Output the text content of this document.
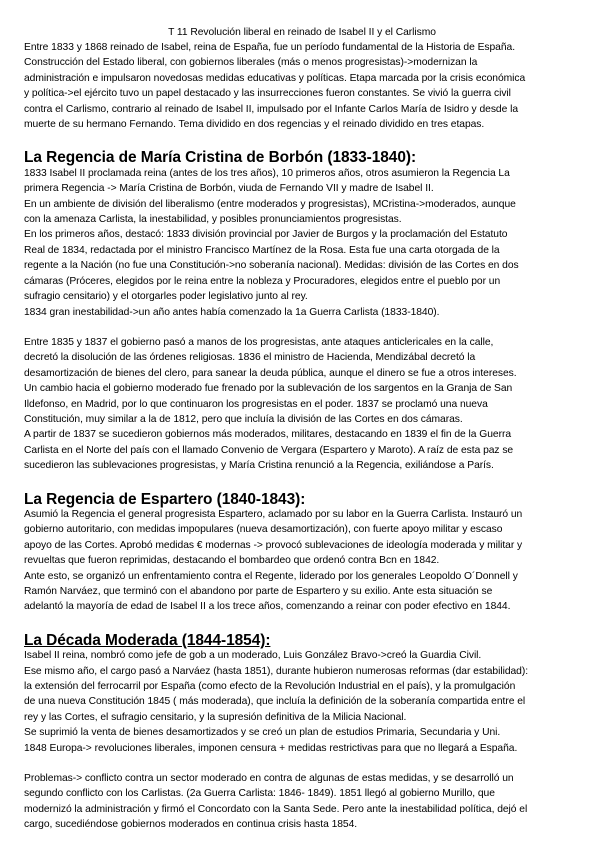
T 11 Revolución liberal en reinado de Isabel II y el Carlismo

Entre 1833 y 1868 reinado de Isabel, reina de España, fue un período fundamental de la Historia de España.
Construcción del Estado liberal, con gobiernos liberales (más o menos progresistas)->modernizan la
administración e impulsaron novedosas medidas educativas y políticas. Etapa marcada por la crisis económica
y política->el ejército tuvo un papel destacado y las insurrecciones fueron constantes. Se vivió la guerra civil
contra el Carlismo, contrario al reinado de Isabel II, impulsado por el Infante Carlos María de Isidro y desde la
muerte de su hermano Fernando. Tema dividido en dos regencias y el reinado dividido en tres etapas.

La Regencia de María Cristina de Borbón (1833-1840):

1833 Isabel II proclamada reina (antes de los tres años), 10 primeros años, otros asumieron la Regencia La
primera Regencia -> María Cristina de Borbón, viuda de Fernando VII y madre de Isabel II.
En un ambiente de división del liberalismo (entre moderados y progresistas), MCristina->moderados, aunque
con la amenaza Carlista, la inestabilidad, y posibles pronunciamientos progresistas.
En los primeros años, destacó: 1833 división provincial por Javier de Burgos y la proclamación del Estatuto
Real de 1834, redactada por el ministro Francisco Martínez de la Rosa. Esta fue una carta otorgada de la
regente a la Nación (no fue una Constitución->no soberanía nacional). Medidas: división de las Cortes en dos
cámaras (Próceres, elegidos por le reina entre la nobleza y Procuradores, elegidos entre el pueblo por un
sufragio censitario) y el otorgarles poder legislativo junto al rey.
1834 gran inestabilidad->un año antes había comenzado la 1a Guerra Carlista (1833-1840).

Entre 1835 y 1837 el gobierno pasó a manos de los progresistas, ante ataques anticlericales en la calle,
decretó la disolución de las órdenes religiosas. 1836 el ministro de Hacienda, Mendizábal decretó la
desamortización de bienes del clero, para sanear la deuda pública, aunque el dinero se fue a otros intereses.
Un cambio hacia el gobierno moderado fue frenado por la sublevación de los sargentos en la Granja de San
Ildefonso, en Madrid, por lo que continuaron los progresistas en el poder. 1837 se proclamó una nueva
Constitución, muy similar a la de 1812, pero que incluía la división de las Cortes en dos cámaras.
A partir de 1837 se sucedieron gobiernos más moderados, militares, destacando en 1839 el fin de la Guerra
Carlista en el Norte del país con el llamado Convenio de Vergara (Espartero y Maroto). A raíz de esta paz se
sucedieron las sublevaciones progresistas, y María Cristina renunció a la Regencia, exiliándose a París.

La Regencia de Espartero (1840-1843):

Asumió la Regencia el general progresista Espartero, aclamado por su labor en la Guerra Carlista. Instauró un
gobierno autoritario, con medidas impopulares (nueva desamortización), con fuerte apoyo militar y escaso
apoyo de las Cortes. Aprobó medidas € modernas -> provocó sublevaciones de ideología moderada y militar y
revueltas que fueron reprimidas, destacando el bombardeo que ordenó contra Bcn en 1842.
Ante esto, se organizó un enfrentamiento contra el Regente, liderado por los generales Leopoldo O´Donnell y
Ramón Narváez, que terminó con el abandono por parte de Espartero y su exilio. Ante esta situación se
adelantó la mayoría de edad de Isabel II a los trece años, comenzando a reinar con poder efectivo en 1844.

La Década Moderada (1844-1854):

Isabel II reina, nombró como jefe de gob a un moderado, Luis González Bravo->creó la Guardia Civil.
Ese mismo año, el cargo pasó a Narváez (hasta 1851), durante hubieron numerosas reformas (dar estabilidad):
la extensión del ferrocarril por España (como efecto de la Revolución Industrial en el país), y la promulgación
de una nueva Constitución 1845 ( más moderada), que incluía la definición de la soberanía compartida entre el
rey y las Cortes, el sufragio censitario, y la supresión definitiva de la Milicia Nacional.
Se suprimió la venta de bienes desamortizados y se creó un plan de estudios Primaria, Secundaria y Uni.
1848 Europa-> revoluciones liberales, imponen censura + medidas restrictivas para que no llegará a España.

Problemas-> conflicto contra un sector moderado en contra de algunas de estas medidas, y se desarrolló un
segundo conflicto con los Carlistas. (2a Guerra Carlista: 1846- 1849). 1851 llegó al gobierno Murillo, que
modernizó la administración y firmó el Concordato con la Santa Sede. Pero ante la inestabilidad política, dejó el
cargo, sucediéndose gobiernos moderados en continua crisis hasta 1854.
